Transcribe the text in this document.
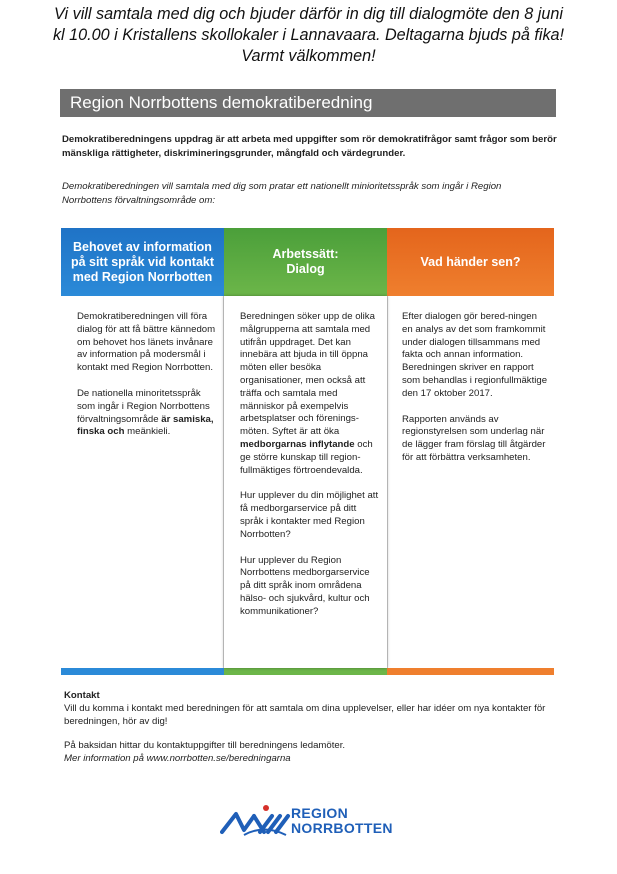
Vi vill samtala med dig och bjuder därför in dig till dialogmöte den 8 juni
kl 10.00 i Kristallens skollokaler i Lannavaara. Deltagarna bjuds på fika!
Varmt välkommen!
Region Norrbottens demokratiberedning
Demokratiberedningens uppdrag är att arbeta med uppgifter som rör demokratifrågor samt frågor som berör mänskliga rättigheter, diskrimineringsgrunder, mångfald och värdegrunder.
Demokratiberedningen vill samtala med dig som pratar ett nationellt minioritetsspråk som ingår i Region Norrbottens förvaltningsområde om:
Behovet av information på sitt språk vid kontakt med Region Norrbotten
Arbetssätt:
Dialog
Vad händer sen?

Demokratiberedningen vill föra dialog för att få bättre kännedom om behovet hos länets invånare av information på modersmål i kontakt med Region Norrbotten.

De nationella minoritetsspråk som ingår i Region Norrbottens förvaltningsområde är samiska, finska och meänkieli.

Beredningen söker upp de olika målgrupperna att samtala med utifrån uppdraget. Det kan innebära att bjuda in till öppna möten eller besöka organisationer, men också att träffa och samtala med människor på exempelvis arbetsplatser och förenings-möten. Syftet är att öka medborgarnas inflytande och ge större kunskap till region-fullmäktiges förtroendevalda.

Hur upplever du din möjlighet att få medborgarservice på ditt språk i kontakter med Region Norrbotten?

Hur upplever du Region Norrbottens medborgarservice på ditt språk inom områdena hälso- och sjukvård, kultur och kommunikationer?

Efter dialogen gör bered-ningen en analys av det som framkommit under dialogen tillsammans med fakta och annan information. Beredningen skriver en rapport som behandlas i regionfullmäktige den 17 oktober 2017.

Rapporten används av regionstyrelsen som underlag när de lägger fram förslag till åtgärder för att förbättra verksamheten.

Kontakt

Vill du komma i kontakt med beredningen för att samtala om dina upplevelser, eller har idéer om nya kontakter för beredningen, hör av dig!

På baksidan hittar du kontaktuppgifter till beredningens ledamöter.
Mer information på www.norrbotten.se/beredningarna
REGION
NORRBOTTEN
